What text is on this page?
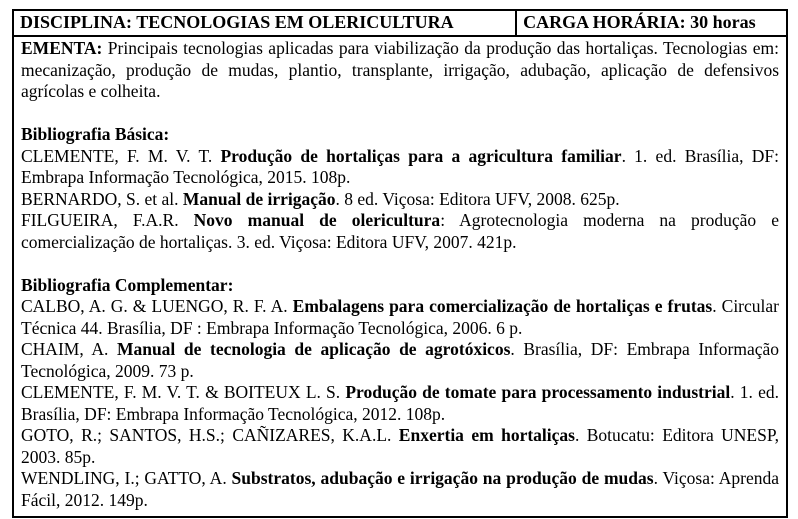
DISCIPLINA: TECNOLOGIAS EM OLERICULTURA	CARGA HORÁRIA: 30 horas

EMENTA: Principais tecnologias aplicadas para viabilização da produção das hortaliças. Tecnologias em: mecanização, produção de mudas, plantio, transplante, irrigação, adubação, aplicação de defensivos agrícolas e colheita.

Bibliografia Básica:

CLEMENTE, F. M. V. T. Produção de hortaliças para a agricultura familiar. 1. ed. Brasília, DF: Embrapa Informação Tecnológica, 2015. 108p.

BERNARDO, S. et al. Manual de irrigação. 8 ed. Viçosa: Editora UFV, 2008. 625p.

FILGUEIRA, F.A.R. Novo manual de olericultura: Agrotecnologia moderna na produção e comercialização de hortaliças. 3. ed. Viçosa: Editora UFV, 2007. 421p.

Bibliografia Complementar:

CALBO, A. G. & LUENGO, R. F. A. Embalagens para comercialização de hortaliças e frutas. Circular Técnica 44. Brasília, DF : Embrapa Informação Tecnológica, 2006. 6 p.

CHAIM, A. Manual de tecnologia de aplicação de agrotóxicos. Brasília, DF: Embrapa Informação Tecnológica, 2009. 73 p.

CLEMENTE, F. M. V. T. & BOITEUX L. S. Produção de tomate para processamento industrial. 1. ed. Brasília, DF: Embrapa Informação Tecnológica, 2012. 108p.

GOTO, R.; SANTOS, H.S.; CAÑIZARES, K.A.L. Enxertia em hortaliças. Botucatu: Editora UNESP, 2003. 85p.

WENDLING, I.; GATTO, A. Substratos, adubação e irrigação na produção de mudas. Viçosa: Aprenda Fácil, 2012. 149p.
